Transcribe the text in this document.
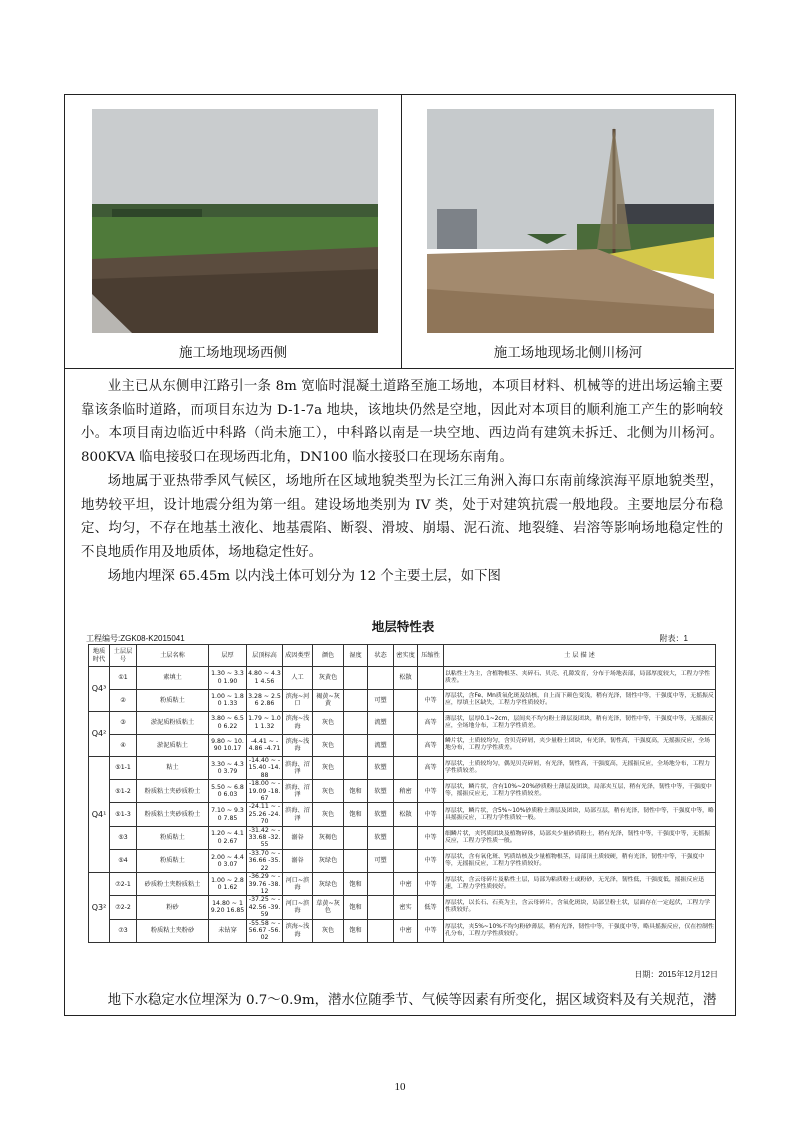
施工场地现场西侧	施工场地现场北侧川杨河

业主已从东侧申江路引一条 8m 宽临时混凝土道路至施工场地，本项目材料、机械等的进出场运输主要靠该条临时道路，而项目东边为 D-1-7a 地块，该地块仍然是空地，因此对本项目的顺利施工产生的影响较小。本项目南边临近中科路（尚未施工），中科路以南是一块空地、西边尚有建筑未拆迁、北侧为川杨河。800KVA 临电接驳口在现场西北角，DN100 临水接驳口在现场东南角。

场地属于亚热带季风气候区，场地所在区域地貌类型为长江三角洲入海口东南前缘滨海平原地貌类型，地势较平坦，设计地震分组为第一组。建设场地类别为 IV 类，处于对建筑抗震一般地段。主要地层分布稳定、均匀，不存在地基土液化、地基震陷、断裂、滑坡、崩塌、泥石流、地裂缝、岩溶等影响场地稳定性的不良地质作用及地质体，场地稳定性好。

场地内埋深 65.45m 以内浅土体可划分为 12 个主要土层，如下图

地层特性表
工程编号:ZGK08-K2015041	附表：1
地质时代	土层层号	土层名称	层厚	层顶标高	成因类型	颜色	湿度	状态	密实度	压缩性	土 层 描 述
Q4³	①1	素填土	1.30 ~ 3.30 1.90	4.80 ~ 4.31 4.56	人工	灰黄色			松散		以粘性土为主，含植物根茎、夹碎石、贝壳、孔隙发育，分布于场地表部，局部厚度较大，工程力学性质差。
	②	粉质粘土	1.00 ~ 1.80 1.33	3.28 ~ 2.56 2.86	滨海~河口	褐黄~灰黄		可塑		中等	厚层状，含Fe、Mn质氧化斑及结核，自上而下颜色变浅，稍有光泽，韧性中等，干强度中等，无摇振反应，厚填土区缺失，工程力学性质较好。
Q4²	③	淤泥质粉质粘土	3.80 ~ 6.50 6.22	1.79 ~ 1.01 1.32	滨海~浅海	灰色		流塑		高等	薄层状，层厚0.1~2cm，层间夹不均匀粉土薄层及团块，稍有光泽，韧性中等，干强度中等，无摇振反应，全场地分布，工程力学性质差。
	④	淤泥质粘土	9.80 ~ 10.90 10.17	-4.41 ~ -4.86 -4.71	滨海~浅海	灰色		流塑		高等	鳞片状，土质较均匀，含贝壳碎屑，夹少量粉土团块，有光泽，韧性高，干强度高，无摇振反应，全场地分布，工程力学性质差。
Q4¹	⑤1-1	粘土	3.30 ~ 4.30 3.79	-14.40 ~ -15.40 -14.88	滨海、沼泽	灰色		软塑		高等	厚层状，土质较均匀，偶见贝壳碎屑，有光泽，韧性高，干强度高，无摇振反应，全场地分布，工程力学性质较差。
	⑤1-2	粉质粘土夹砂质粉土	5.50 ~ 6.80 6.03	-18.00 ~ -19.09 -18.67	滨海、沼泽	灰色	饱和	软塑	稍密	中等	厚层状，鳞片状，含有10%~20%砂质粉土薄层及团块，局部夹互层，稍有光泽，韧性中等，干强度中等，摇振反应无，工程力学性质较差。
	⑤1-3	粉质粘土夹砂质粉土	7.10 ~ 9.30 7.85	-24.11 ~ -25.26 -24.70	滨海、沼泽	灰色	饱和	软塑	松散	中等	厚层状，鳞片状，含5%~10%砂质粉土薄层及团块，局部互层，稍有光泽，韧性中等，干强度中等，略具摇振反应，工程力学性质较一般。
	⑤3	粉质粘土	1.20 ~ 4.10 2.67	-31.42 ~ -33.68 -32.55	溺谷	灰褐色		软塑		中等	细鳞片状，夹钙质团块及植物碎体，局部夹少量砂质粉土，稍有光泽，韧性中等，干强度中等，无摇振反应，工程力学性质一般。
	⑤4	粉质粘土	2.00 ~ 4.40 3.07	-33.70 ~ -36.66 -35.22	溺谷	灰绿色		可塑		中等	厚层状，含有氧化斑、钙质结核及少量植物根茎，局部顶土质较硬，稍有光泽，韧性中等，干强度中等，无摇振反应，工程力学性质较好。
Q3²	⑦2-1	砂质粉土夹粉质粘土	1.00 ~ 2.80 1.62	-36.29 ~ -39.76 -38.12	河口~滨海	灰绿色	饱和		中密	中等	厚层状，含云母碎片及粘性土层，局部为粘质粉土或粉砂，无光泽，韧性低，干强度低，摇振反应迅速，工程力学性质较好。
	⑦2-2	粉砂	14.80 ~ 19.20 16.85	-37.25 ~ -42.56 -39.59	河口~滨海	草黄~灰色	饱和		密实	低等	厚层状，以长石、石英为主，含云母碎片，含氧化斑块，局部呈粉土状，层面存在一定起伏，工程力学性质较好。
	⑦3	粉质粘土夹粉砂	未钻穿	-55.58 ~ -56.67 -56.02	滨海~浅海	灰色	饱和		中密	中等	厚层状，夹5%~10%不均匀粉砂薄层，稍有光泽，韧性中等，干强度中等，略具摇振反应，仅在控制性孔分布，工程力学性质较好。
日期：2015年12月12日
地下水稳定水位埋深为 0.7～0.9m，潜水位随季节、气候等因素有所变化，据区域资料及有关规范，潜
10
